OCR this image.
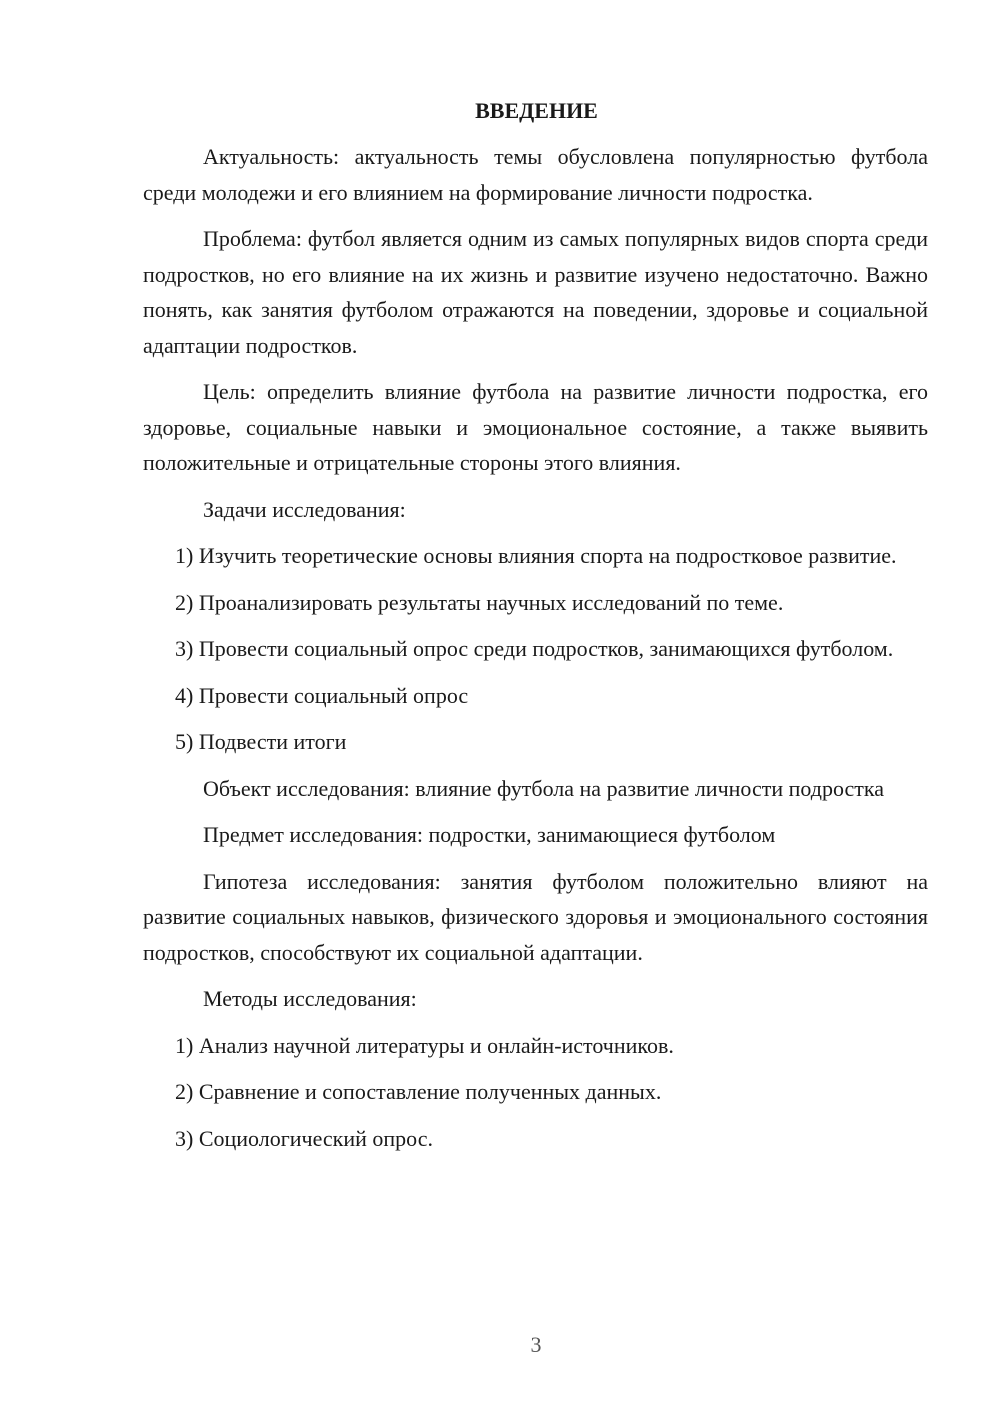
ВВЕДЕНИЕ
Актуальность: актуальность темы обусловлена популярностью футбола среди молодежи и его влиянием на формирование личности подростка.
Проблема: футбол является одним из самых популярных видов спорта среди подростков, но его влияние на их жизнь и развитие изучено недостаточно. Важно понять, как занятия футболом отражаются на поведении, здоровье и социальной адаптации подростков.
Цель: определить влияние футбола на развитие личности подростка, его здоровье, социальные навыки и эмоциональное состояние, а также выявить положительные и отрицательные стороны этого влияния.
Задачи исследования:
1) Изучить теоретические основы влияния спорта на подростковое развитие.
2) Проанализировать результаты научных исследований по теме.
3) Провести социальный опрос среди подростков, занимающихся футболом.
4) Провести социальный опрос
5) Подвести итоги
Объект исследования: влияние футбола на развитие личности подростка
Предмет исследования: подростки, занимающиеся футболом
Гипотеза исследования: занятия футболом положительно влияют на развитие социальных навыков, физического здоровья и эмоционального состояния подростков, способствуют их социальной адаптации.
Методы исследования:
1) Анализ научной литературы и онлайн-источников.
2) Сравнение и сопоставление полученных данных.
3) Социологический опрос.
3
